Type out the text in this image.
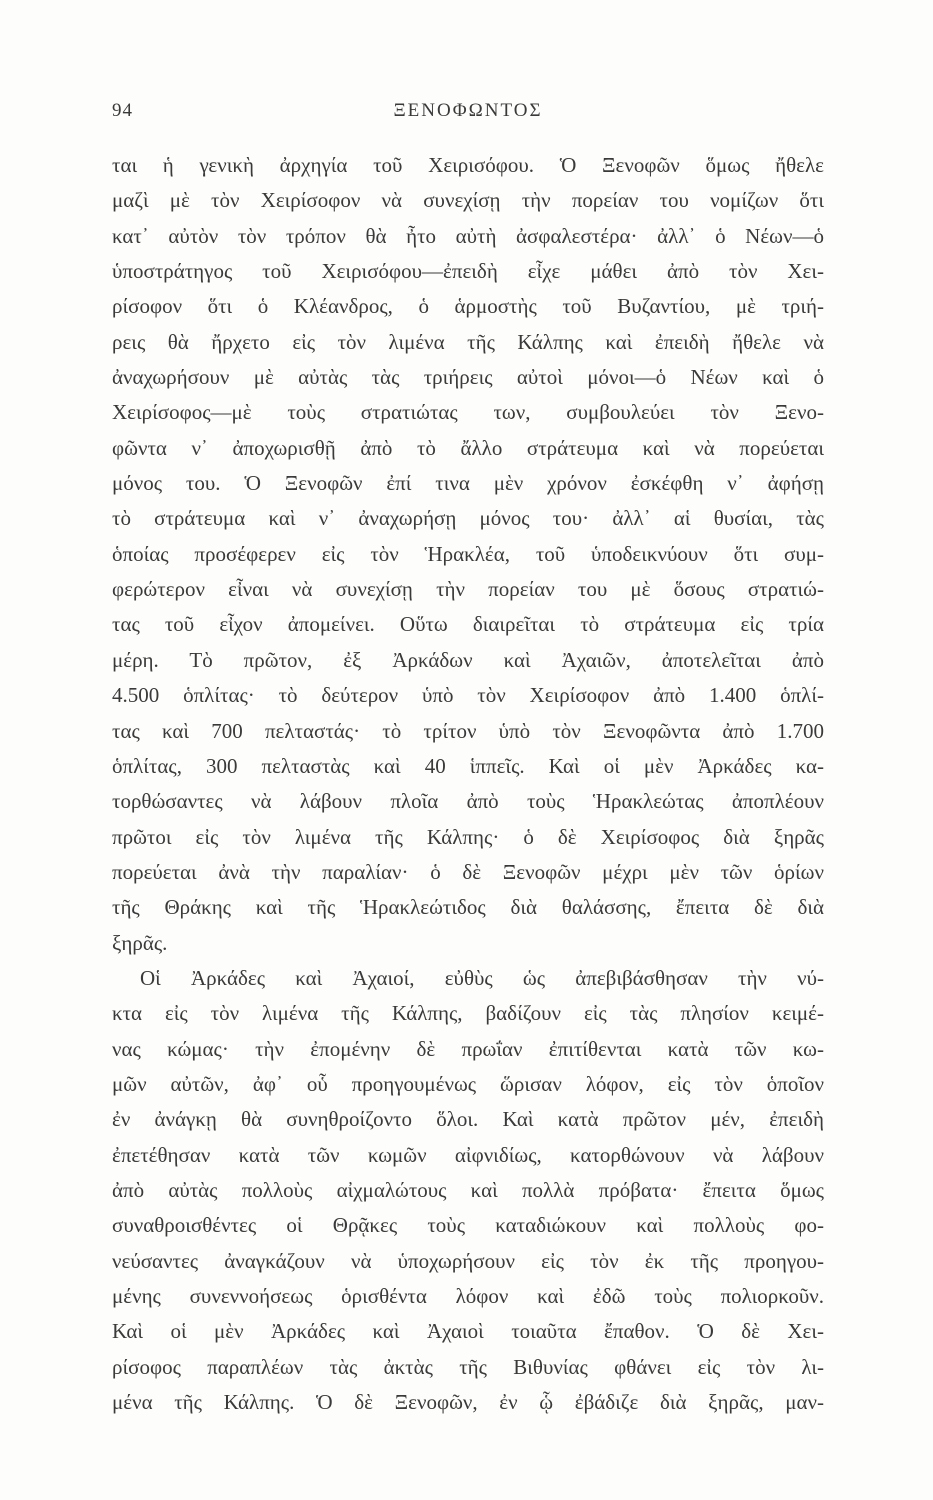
94	ΞΕΝΟΦΩΝΤΟΣ
ται ἡ γενικὴ ἀρχηγία τοῦ Χειρισόφου. Ὁ Ξενοφῶν ὅμως ἤθελε
μαζὶ μὲ τὸν Χειρίσοφον νὰ συνεχίσῃ τὴν πορείαν του νομίζων ὅτι
κατ᾽ αὐτὸν τὸν τρόπον θὰ ἦτο αὐτὴ ἀσφαλεστέρα· ἀλλ᾽ ὁ Νέων—ὁ
ὑποστράτηγος τοῦ Χειρισόφου—ἐπειδὴ εἶχε μάθει ἀπὸ τὸν Χει-
ρίσοφον ὅτι ὁ Κλέανδρος, ὁ ἁρμοστὴς τοῦ Βυζαντίου, μὲ τριή-
ρεις θὰ ἤρχετο εἰς τὸν λιμένα τῆς Κάλπης καὶ ἐπειδὴ ἤθελε νὰ
ἀναχωρήσουν μὲ αὐτὰς τὰς τριήρεις αὐτοὶ μόνοι—ὁ Νέων καὶ ὁ
Χειρίσοφος—μὲ τοὺς στρατιώτας των, συμβουλεύει τὸν Ξενο-
φῶντα ν᾽ ἀποχωρισθῇ ἀπὸ τὸ ἄλλο στράτευμα καὶ νὰ πορεύεται
μόνος του. Ὁ Ξενοφῶν ἐπί τινα μὲν χρόνον ἐσκέφθη ν᾽ ἀφήσῃ
τὸ στράτευμα καὶ ν᾽ ἀναχωρήσῃ μόνος του· ἀλλ᾽ αἱ θυσίαι, τὰς
ὁποίας προσέφερεν εἰς τὸν Ἡρακλέα, τοῦ ὑποδεικνύουν ὅτι συμ-
φερώτερον εἶναι νὰ συνεχίσῃ τὴν πορείαν του μὲ ὅσους στρατιώ-
τας τοῦ εἶχον ἀπομείνει. Οὕτω διαιρεῖται τὸ στράτευμα εἰς τρία
μέρη. Τὸ πρῶτον, ἐξ Ἀρκάδων καὶ Ἀχαιῶν, ἀποτελεῖται ἀπὸ
4.500 ὁπλίτας· τὸ δεύτερον ὑπὸ τὸν Χειρίσοφον ἀπὸ 1.400 ὁπλί-
τας καὶ 700 πελταστάς· τὸ τρίτον ὑπὸ τὸν Ξενοφῶντα ἀπὸ 1.700
ὁπλίτας, 300 πελταστὰς καὶ 40 ἱππεῖς. Καὶ οἱ μὲν Ἀρκάδες κα-
τορθώσαντες νὰ λάβουν πλοῖα ἀπὸ τοὺς Ἡρακλεώτας ἀποπλέουν
πρῶτοι εἰς τὸν λιμένα τῆς Κάλπης· ὁ δὲ Χειρίσοφος διὰ ξηρᾶς
πορεύεται ἀνὰ τὴν παραλίαν· ὁ δὲ Ξενοφῶν μέχρι μὲν τῶν ὁρίων
τῆς Θράκης καὶ τῆς Ἡρακλεώτιδος διὰ θαλάσσης, ἔπειτα δὲ διὰ
ξηρᾶς.
Οἱ Ἀρκάδες καὶ Ἀχαιοί, εὐθὺς ὡς ἀπεβιβάσθησαν τὴν νύ-
κτα εἰς τὸν λιμένα τῆς Κάλπης, βαδίζουν εἰς τὰς πλησίον κειμέ-
νας κώμας· τὴν ἐπομένην δὲ πρωΐαν ἐπιτίθενται κατὰ τῶν κω-
μῶν αὐτῶν, ἀφ᾽ οὗ προηγουμένως ὥρισαν λόφον, εἰς τὸν ὁποῖον
ἐν ἀνάγκῃ θὰ συνηθροίζοντο ὅλοι. Καὶ κατὰ πρῶτον μέν, ἐπειδὴ
ἐπετέθησαν κατὰ τῶν κωμῶν αἰφνιδίως, κατορθώνουν νὰ λάβουν
ἀπὸ αὐτὰς πολλοὺς αἰχμαλώτους καὶ πολλὰ πρόβατα· ἔπειτα ὅμως
συναθροισθέντες οἱ Θρᾷκες τοὺς καταδιώκουν καὶ πολλοὺς φο-
νεύσαντες ἀναγκάζουν νὰ ὑποχωρήσουν εἰς τὸν ἐκ τῆς προηγου-
μένης συνεννοήσεως ὁρισθέντα λόφον καὶ ἐδῶ τοὺς πολιορκοῦν.
Καὶ οἱ μὲν Ἀρκάδες καὶ Ἀχαιοὶ τοιαῦτα ἔπαθον. Ὁ δὲ Χει-
ρίσοφος παραπλέων τὰς ἀκτὰς τῆς Βιθυνίας φθάνει εἰς τὸν λι-
μένα τῆς Κάλπης. Ὁ δὲ Ξενοφῶν, ἐν ᾧ ἐβάδιζε διὰ ξηρᾶς, μαν-
